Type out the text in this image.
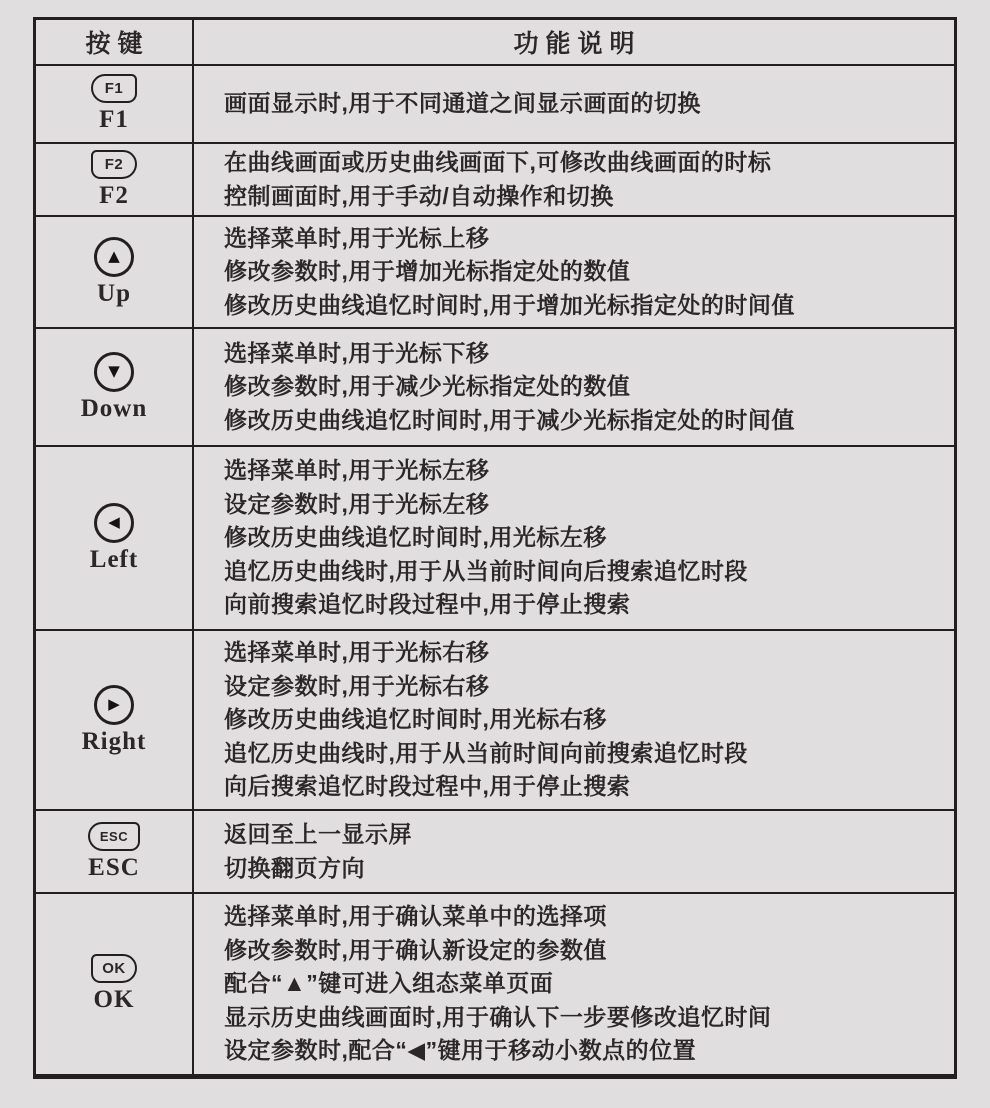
按键	功能说明
F1
F1
画面显示时,用于不同通道之间显示画面的切换
F2
F2
在曲线画面或历史曲线画面下,可修改曲线画面的时标
控制画面时,用于手动/自动操作和切换
▲
Up
选择菜单时,用于光标上移
修改参数时,用于增加光标指定处的数值
修改历史曲线追忆时间时,用于增加光标指定处的时间值
▼
Down
选择菜单时,用于光标下移
修改参数时,用于减少光标指定处的数值
修改历史曲线追忆时间时,用于减少光标指定处的时间值
◀
Left
选择菜单时,用于光标左移
设定参数时,用于光标左移
修改历史曲线追忆时间时,用光标左移
追忆历史曲线时,用于从当前时间向后搜索追忆时段
向前搜索追忆时段过程中,用于停止搜索
▶
Right
选择菜单时,用于光标右移
设定参数时,用于光标右移
修改历史曲线追忆时间时,用光标右移
追忆历史曲线时,用于从当前时间向前搜索追忆时段
向后搜索追忆时段过程中,用于停止搜索
ESC
ESC
返回至上一显示屏
切换翻页方向
OK
OK
选择菜单时,用于确认菜单中的选择项
修改参数时,用于确认新设定的参数值
配合“▲”键可进入组态菜单页面
显示历史曲线画面时,用于确认下一步要修改追忆时间
设定参数时,配合“◀”键用于移动小数点的位置
